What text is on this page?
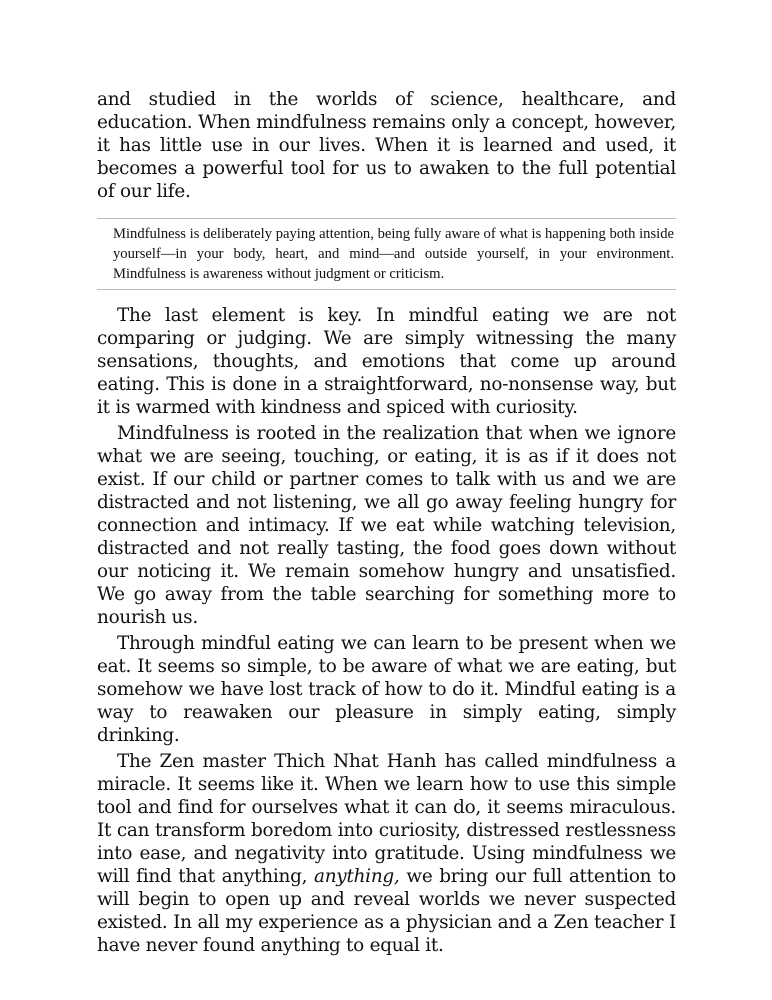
and studied in the worlds of science, healthcare, and education. When mindfulness remains only a concept, however, it has little use in our lives. When it is learned and used, it becomes a powerful tool for us to awaken to the full potential of our life.

Mindfulness is deliberately paying attention, being fully aware of what is happening both inside yourself—in your body, heart, and mind—and outside yourself, in your environment. Mindfulness is awareness without judgment or criticism.

The last element is key. In mindful eating we are not comparing or judging. We are simply witnessing the many sensations, thoughts, and emotions that come up around eating. This is done in a straightforward, no-nonsense way, but it is warmed with kindness and spiced with curiosity.

Mindfulness is rooted in the realization that when we ignore what we are seeing, touching, or eating, it is as if it does not exist. If our child or partner comes to talk with us and we are distracted and not listening, we all go away feeling hungry for connection and intimacy. If we eat while watching television, distracted and not really tasting, the food goes down without our noticing it. We remain somehow hungry and unsatisfied. We go away from the table searching for something more to nourish us.

Through mindful eating we can learn to be present when we eat. It seems so simple, to be aware of what we are eating, but somehow we have lost track of how to do it. Mindful eating is a way to reawaken our pleasure in simply eating, simply drinking.

The Zen master Thich Nhat Hanh has called mindfulness a miracle. It seems like it. When we learn how to use this simple tool and find for ourselves what it can do, it seems miraculous. It can transform boredom into curiosity, distressed restlessness into ease, and negativity into gratitude. Using mindfulness we will find that anything, anything, we bring our full attention to will begin to open up and reveal worlds we never suspected existed. In all my experience as a physician and a Zen teacher I have never found anything to equal it.
